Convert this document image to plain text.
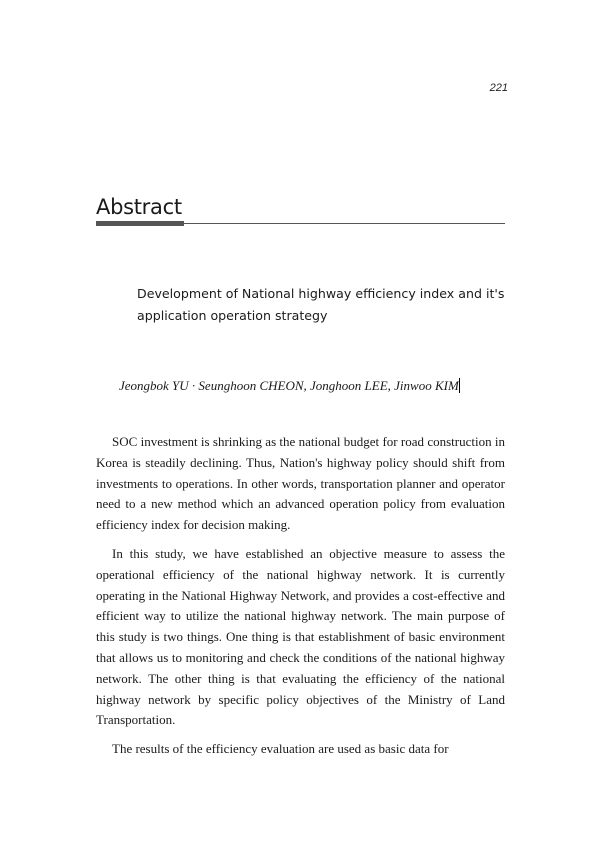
221
Abstract
Development of National highway efficiency index and it's application operation strategy
Jeongbok YU · Seunghoon CHEON, Jonghoon LEE, Jinwoo KIM

SOC investment is shrinking as the national budget for road construction in Korea is steadily declining. Thus, Nation's highway policy should shift from investments to operations. In other words, transportation planner and operator need to a new method which an advanced operation policy from evaluation efficiency index for decision making.

In this study, we have established an objective measure to assess the operational efficiency of the national highway network. It is currently operating in the National Highway Network, and provides a cost-effective and efficient way to utilize the national highway network. The main purpose of this study is two things. One thing is that establishment of basic environment that allows us to monitoring and check the conditions of the national highway network. The other thing is that evaluating the efficiency of the national highway network by specific policy objectives of the Ministry of Land Transportation.

The results of the efficiency evaluation are used as basic data for
